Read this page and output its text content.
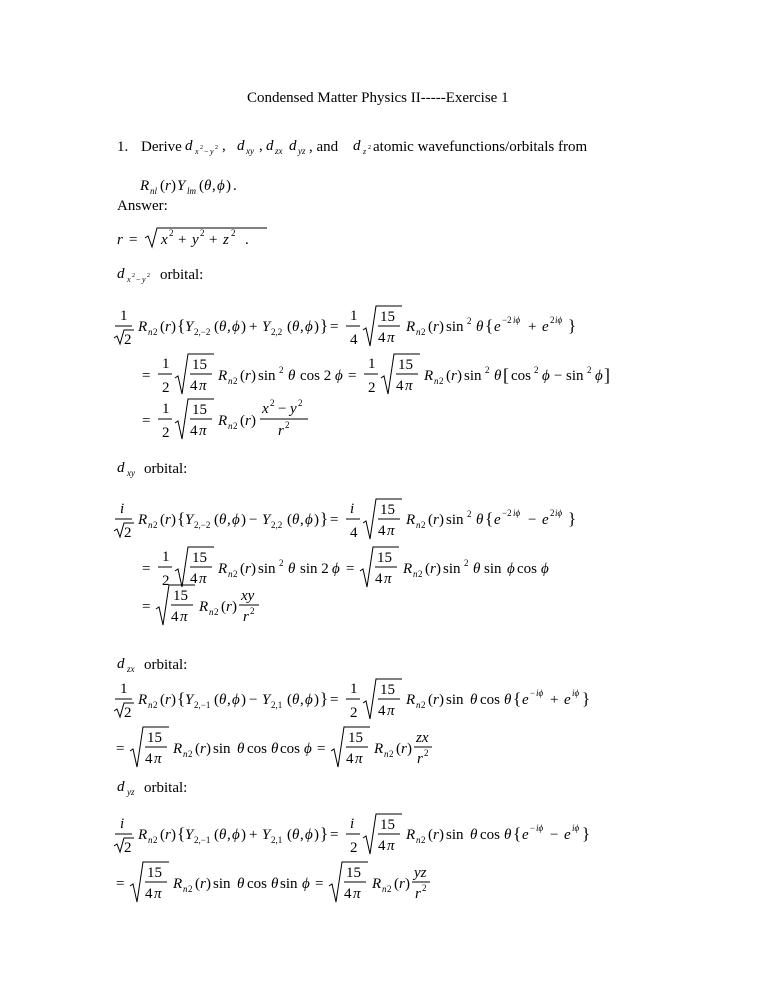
Condensed Matter Physics II-----Exercise 1
1. Derive d x 2 − y 2 , d xy , d zx d yz , and d z 2 atomic wavefunctions/orbitals from
R nl ( r ) Y lm ( θ , ϕ ) .
Answer:
r = x 2 + y 2 + z 2 .
d x 2 − y 2 orbital:
1
2
R n 2 ( r ) { Y 2,−2 ( θ , ϕ ) + Y 2,2 ( θ , ϕ ) } =
1
4
15
4 π
R n 2 ( r ) sin 2 θ { e −2 iϕ + e 2 iϕ }
=
1
2
15
4 π
R n 2 ( r ) sin 2 θ cos 2 ϕ =
1
2
15
4 π
R n 2 ( r ) sin 2 θ [ cos 2 ϕ − sin 2 ϕ ]
=
1
2
15
4 π
R n 2 ( r )
x 2 − y 2
r 2
d xy orbital:
i
2
R n 2 ( r ) { Y 2,−2 ( θ , ϕ ) − Y 2,2 ( θ , ϕ ) } =
i
4
15
4 π
R n 2 ( r ) sin 2 θ { e −2 iϕ − e 2 iϕ }
=
1
2
15
4 π
R n 2 ( r ) sin 2 θ sin 2 ϕ =
15
4 π
R n 2 ( r ) sin 2 θ sin ϕ cos ϕ
=
15
4 π
R n 2 ( r )
xy
r 2
d zx orbital:
1
2
R n 2 ( r ) { Y 2,−1 ( θ , ϕ ) − Y 2,1 ( θ , ϕ ) } =
1
2
15
4 π
R n 2 ( r ) sin θ cos θ { e − iϕ + e iϕ }
=
15
4 π
R n 2 ( r ) sin θ cos θ cos ϕ =
15
4 π
R n 2 ( r )
zx
r 2
d yz orbital:
i
2
R n 2 ( r ) { Y 2,−1 ( θ , ϕ ) + Y 2,1 ( θ , ϕ ) } =
i
2
15
4 π
R n 2 ( r ) sin θ cos θ { e − iϕ − e iϕ }
=
15
4 π
R n 2 ( r ) sin θ cos θ sin ϕ =
15
4 π
R n 2 ( r )
yz
r 2
